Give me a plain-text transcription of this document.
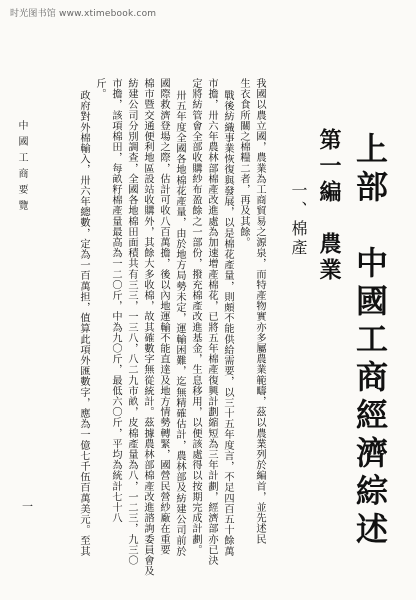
时光图书馆 www.xtimebook.com
上部　中國工商經濟綜述
第一編　農業
一、棉產
我國以農立國，農業為工商貿易之源泉，而特產物實亦多屬農業範疇，茲以農業列於編首，並先述民
生衣食所關之棉糧二者，再及其餘。
戰後紡織事業恢復與發展，以是棉花產量，則頗不能供給需要，以三十五年度言，不足四百五十餘萬
市擔，卅六年農林部棉產改進處為加速增產棉花，已將五年棉產復興計劃縮短為三年計劃，經濟部亦已決
定將紡管會全部收購紗布盈餘之一部份，撥充棉產改進基金，生息移用，以便該處得以按期完成計劃。
卅五年度全國各地棉花產量，由於地方局勢未定，運輸困難，迄無精確估計，農林部及紡建公司前於
國際救濟登場之際，估計可收八百萬擔，後以內地運輸不能直達及地方情勢轉緊，國營民營紗廠在重要
棉市暨交通便利地區設站收購外，其餘大多收棉，故其確數字無從統計。茲據農林部棉產改進諮詢委員會及
紡建公司分別調查，全國各地棉田面積共有三三，一三八，八二九市畝，皮棉產量為八，一二三，九三〇
市擔，該項棉田，每畝籽棉產量最高為一二〇斤，中為九〇斤，最低六〇斤，平均為統計七十八
斤。
政府對外棉輸入，卅六年總數，定為一百萬担，值算此項外匯數字，應為一億七千伍百萬美元。至其
中國工商要覽
一
